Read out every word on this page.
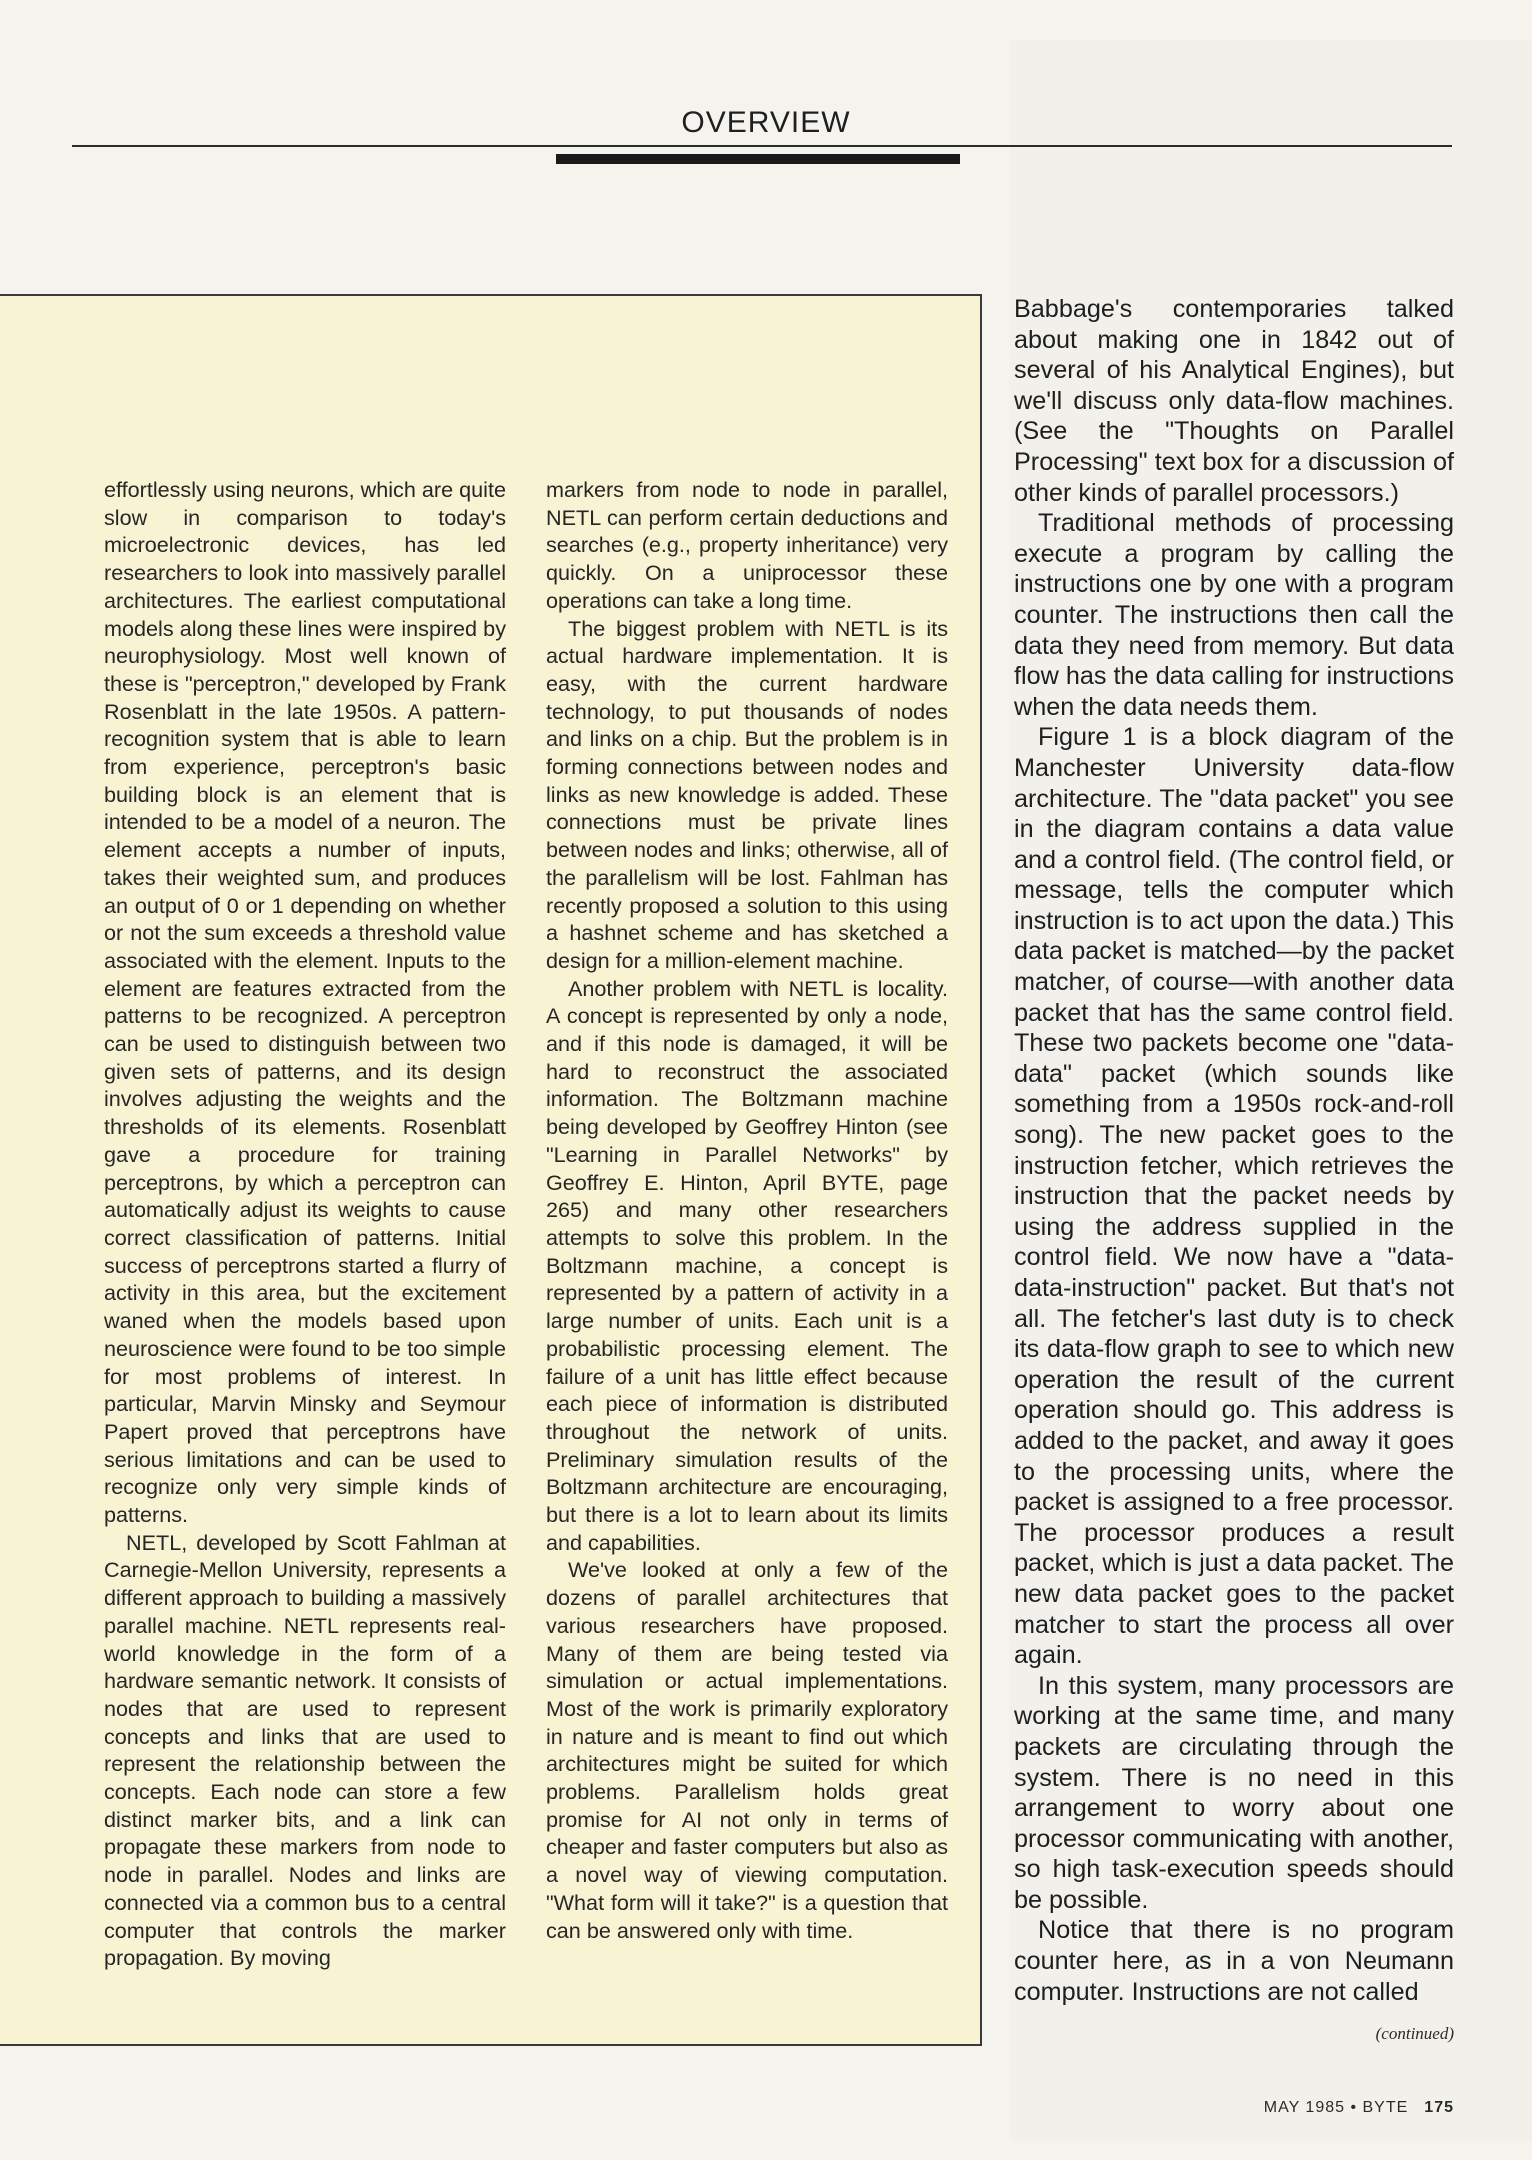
OVERVIEW

effortlessly using neurons, which are quite slow in comparison to today's microelectronic devices, has led researchers to look into massively parallel architectures. The earliest computational models along these lines were inspired by neurophysiology. Most well known of these is "perceptron," developed by Frank Rosenblatt in the late 1950s. A pattern-recognition system that is able to learn from experience, perceptron's basic building block is an element that is intended to be a model of a neuron. The element accepts a number of inputs, takes their weighted sum, and produces an output of 0 or 1 depending on whether or not the sum exceeds a threshold value associated with the element. Inputs to the element are features extracted from the patterns to be recognized. A perceptron can be used to distinguish between two given sets of patterns, and its design involves adjusting the weights and the thresholds of its elements. Rosenblatt gave a procedure for training perceptrons, by which a perceptron can automatically adjust its weights to cause correct classification of patterns. Initial success of perceptrons started a flurry of activity in this area, but the excitement waned when the models based upon neuroscience were found to be too simple for most problems of interest. In particular, Marvin Minsky and Seymour Papert proved that perceptrons have serious limitations and can be used to recognize only very simple kinds of patterns.

NETL, developed by Scott Fahlman at Carnegie-Mellon University, represents a different approach to building a massively parallel machine. NETL represents real-world knowledge in the form of a hardware semantic network. It consists of nodes that are used to represent concepts and links that are used to represent the relationship between the concepts. Each node can store a few distinct marker bits, and a link can propagate these markers from node to node in parallel. Nodes and links are connected via a common bus to a central computer that controls the marker propagation. By moving

markers from node to node in parallel, NETL can perform certain deductions and searches (e.g., property inheritance) very quickly. On a uniprocessor these operations can take a long time.

The biggest problem with NETL is its actual hardware implementation. It is easy, with the current hardware technology, to put thousands of nodes and links on a chip. But the problem is in forming connections between nodes and links as new knowledge is added. These connections must be private lines between nodes and links; otherwise, all of the parallelism will be lost. Fahlman has recently proposed a solution to this using a hashnet scheme and has sketched a design for a million-element machine.

Another problem with NETL is locality. A concept is represented by only a node, and if this node is damaged, it will be hard to reconstruct the associated information. The Boltzmann machine being developed by Geoffrey Hinton (see "Learning in Parallel Networks" by Geoffrey E. Hinton, April BYTE, page 265) and many other researchers attempts to solve this problem. In the Boltzmann machine, a concept is represented by a pattern of activity in a large number of units. Each unit is a probabilistic processing element. The failure of a unit has little effect because each piece of information is distributed throughout the network of units. Preliminary simulation results of the Boltzmann architecture are encouraging, but there is a lot to learn about its limits and capabilities.

We've looked at only a few of the dozens of parallel architectures that various researchers have proposed. Many of them are being tested via simulation or actual implementations. Most of the work is primarily exploratory in nature and is meant to find out which architectures might be suited for which problems. Parallelism holds great promise for AI not only in terms of cheaper and faster computers but also as a novel way of viewing computation. "What form will it take?" is a question that can be answered only with time.

Babbage's contemporaries talked about making one in 1842 out of several of his Analytical Engines), but we'll discuss only data-flow machines. (See the "Thoughts on Parallel Processing" text box for a discussion of other kinds of parallel processors.)

Traditional methods of processing execute a program by calling the instructions one by one with a program counter. The instructions then call the data they need from memory. But data flow has the data calling for instructions when the data needs them.

Figure 1 is a block diagram of the Manchester University data-flow architecture. The "data packet" you see in the diagram contains a data value and a control field. (The control field, or message, tells the computer which instruction is to act upon the data.) This data packet is matched—by the packet matcher, of course—with another data packet that has the same control field. These two packets become one "data-data" packet (which sounds like something from a 1950s rock-and-roll song). The new packet goes to the instruction fetcher, which retrieves the instruction that the packet needs by using the address supplied in the control field. We now have a "data-data-instruction" packet. But that's not all. The fetcher's last duty is to check its data-flow graph to see to which new operation the result of the current operation should go. This address is added to the packet, and away it goes to the processing units, where the packet is assigned to a free processor. The processor produces a result packet, which is just a data packet. The new data packet goes to the packet matcher to start the process all over again.

In this system, many processors are working at the same time, and many packets are circulating through the system. There is no need in this arrangement to worry about one processor communicating with another, so high task-execution speeds should be possible.

Notice that there is no program counter here, as in a von Neumann computer. Instructions are not called

(continued)
MAY 1985 • BYTE 175
